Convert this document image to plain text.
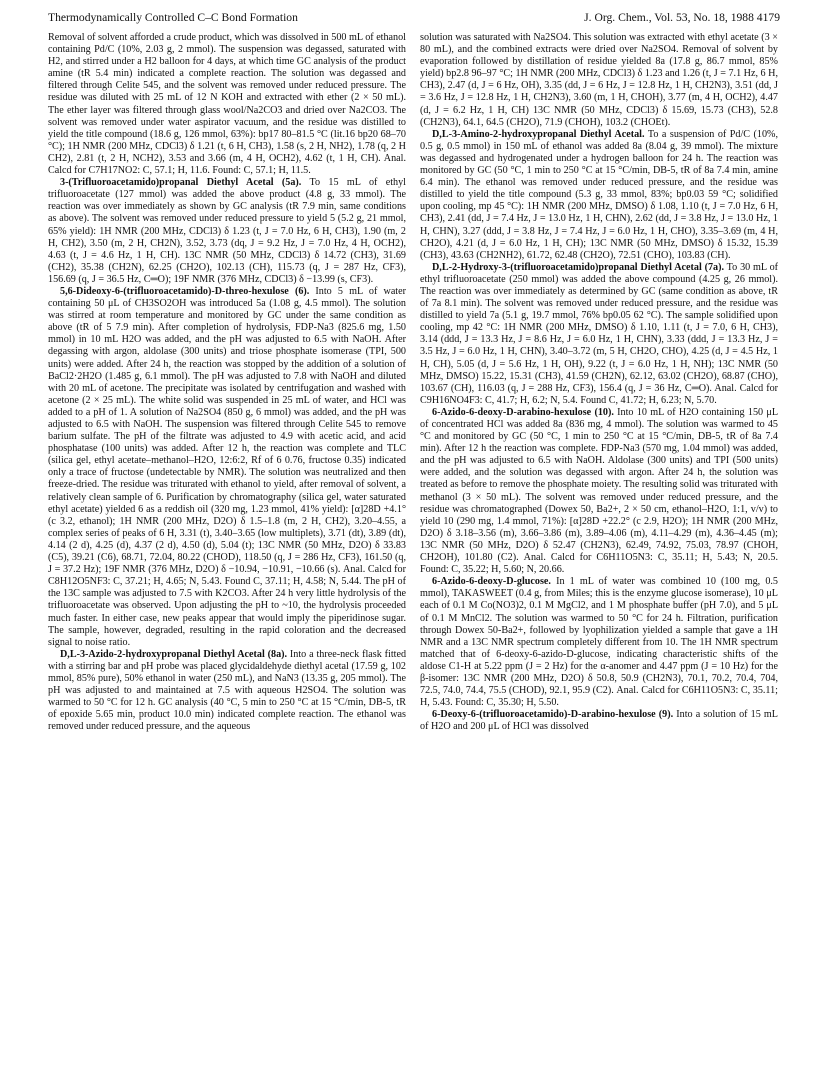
Thermodynamically Controlled C–C Bond Formation	J. Org. Chem., Vol. 53, No. 18, 1988 4179

Removal of solvent afforded a crude product, which was dissolved in 500 mL of ethanol containing Pd/C (10%, 2.03 g, 2 mmol). The suspension was degassed, saturated with H2, and stirred under a H2 balloon for 4 days, at which time GC analysis of the product amine (tR 5.4 min) indicated a complete reaction. The solution was degassed and filtered through Celite 545, and the solvent was removed under reduced pressure. The residue was diluted with 25 mL of 12 N KOH and extracted with ether (2 × 50 mL). The ether layer was filtered through glass wool/Na2CO3 and dried over Na2CO3. The solvent was removed under water aspirator vacuum, and the residue was distilled to yield the title compound (18.6 g, 126 mmol, 63%): bp17 80–81.5 °C (lit.16 bp20 68–70 °C); 1H NMR (200 MHz, CDCl3) δ 1.21 (t, 6 H, CH3), 1.58 (s, 2 H, NH2), 1.78 (q, 2 H CH2), 2.81 (t, 2 H, NCH2), 3.53 and 3.66 (m, 4 H, OCH2), 4.62 (t, 1 H, CH). Anal. Calcd for C7H17NO2: C, 57.1; H, 11.6. Found: C, 57.1; H, 11.5.

3-(Trifluoroacetamido)propanal Diethyl Acetal (5a). To 15 mL of ethyl trifluoroacetate (127 mmol) was added the above product (4.8 g, 33 mmol). The reaction was over immediately as shown by GC analysis (tR 7.9 min, same conditions as above). The solvent was removed under reduced pressure to yield 5 (5.2 g, 21 mmol, 65% yield): 1H NMR (200 MHz, CDCl3) δ 1.23 (t, J = 7.0 Hz, 6 H, CH3), 1.90 (m, 2 H, CH2), 3.50 (m, 2 H, CH2N), 3.52, 3.73 (dq, J = 9.2 Hz, J = 7.0 Hz, 4 H, OCH2), 4.63 (t, J = 4.6 Hz, 1 H, CH). 13C NMR (50 MHz, CDCl3) δ 14.72 (CH3), 31.69 (CH2), 35.38 (CH2N), 62.25 (CH2O), 102.13 (CH), 115.73 (q, J = 287 Hz, CF3), 156.69 (q, J = 36.5 Hz, C═O); 19F NMR (376 MHz, CDCl3) δ −13.99 (s, CF3).

5,6-Dideoxy-6-(trifluoroacetamido)-D-threo-hexulose (6). Into 5 mL of water containing 50 μL of CH3SO2OH was introduced 5a (1.08 g, 4.5 mmol). The solution was stirred at room temperature and monitored by GC under the same condition as above (tR of 5 7.9 min). After completion of hydrolysis, FDP-Na3 (825.6 mg, 1.50 mmol) in 10 mL H2O was added, and the pH was adjusted to 6.5 with NaOH. After degassing with argon, aldolase (300 units) and triose phosphate isomerase (TPI, 500 units) were added. After 24 h, the reaction was stopped by the addition of a solution of BaCl2·2H2O (1.485 g, 6.1 mmol). The pH was adjusted to 7.8 with NaOH and diluted with 20 mL of acetone. The precipitate was isolated by centrifugation and washed with acetone (2 × 25 mL). The white solid was suspended in 25 mL of water, and HCl was added to a pH of 1. A solution of Na2SO4 (850 g, 6 mmol) was added, and the pH was adjusted to 6.5 with NaOH. The suspension was filtered through Celite 545 to remove barium sulfate. The pH of the filtrate was adjusted to 4.9 with acetic acid, and acid phosphatase (100 units) was added. After 12 h, the reaction was complete and TLC (silica gel, ethyl acetate–methanol–H2O, 12:6:2, Rf of 6 0.76, fructose 0.35) indicated only a trace of fructose (undetectable by NMR). The solution was neutralized and then freeze-dried. The residue was triturated with ethanol to yield, after removal of solvent, a relatively clean sample of 6. Purification by chromatography (silica gel, water saturated ethyl acetate) yielded 6 as a reddish oil (320 mg, 1.23 mmol, 41% yield): [α]28D +4.1° (c 3.2, ethanol); 1H NMR (200 MHz, D2O) δ 1.5–1.8 (m, 2 H, CH2), 3.20–4.55, a complex series of peaks of 6 H, 3.31 (t), 3.40–3.65 (low multiplets), 3.71 (dt), 3.89 (dt), 4.14 (2 d), 4.25 (d), 4.37 (2 d), 4.50 (d), 5.04 (t); 13C NMR (50 MHz, D2O) δ 33.83 (C5), 39.21 (C6), 68.71, 72.04, 80.22 (CHOD), 118.50 (q, J = 286 Hz, CF3), 161.50 (q, J = 37.2 Hz); 19F NMR (376 MHz, D2O) δ −10.94, −10.91, −10.66 (s). Anal. Calcd for C8H12O5NF3: C, 37.21; H, 4.65; N, 5.43. Found C, 37.11; H, 4.58; N, 5.44. The pH of the 13C sample was adjusted to 7.5 with K2CO3. After 24 h very little hydrolysis of the trifluoroacetate was observed. Upon adjusting the pH to ~10, the hydrolysis proceeded much faster. In either case, new peaks appear that would imply the piperidinose sugar. The sample, however, degraded, resulting in the rapid coloration and the decreased signal to noise ratio.

D,L-3-Azido-2-hydroxypropanal Diethyl Acetal (8a). Into a three-neck flask fitted with a stirring bar and pH probe was placed glycidaldehyde diethyl acetal (17.59 g, 102 mmol, 85% pure), 50% ethanol in water (250 mL), and NaN3 (13.35 g, 205 mmol). The pH was adjusted to and maintained at 7.5 with aqueous H2SO4. The solution was warmed to 50 °C for 12 h. GC analysis (40 °C, 5 min to 250 °C at 15 °C/min, DB-5, tR of epoxide 5.65 min, product 10.0 min) indicated complete reaction. The ethanol was removed under reduced pressure, and the aqueous

solution was saturated with Na2SO4. This solution was extracted with ethyl acetate (3 × 80 mL), and the combined extracts were dried over Na2SO4. Removal of solvent by evaporation followed by distillation of residue yielded 8a (17.8 g, 86.7 mmol, 85% yield) bp2.8 96–97 °C; 1H NMR (200 MHz, CDCl3) δ 1.23 and 1.26 (t, J = 7.1 Hz, 6 H, CH3), 2.47 (d, J = 6 Hz, OH), 3.35 (dd, J = 6 Hz, J = 12.8 Hz, 1 H, CH2N3), 3.51 (dd, J = 3.6 Hz, J = 12.8 Hz, 1 H, CH2N3), 3.60 (m, 1 H, CHOH), 3.77 (m, 4 H, OCH2), 4.47 (d, J = 6.2 Hz, 1 H, CH) 13C NMR (50 MHz, CDCl3) δ 15.69, 15.73 (CH3), 52.8 (CH2N3), 64.1, 64.5 (CH2O), 71.9 (CHOH), 103.2 (CHOEt).

D,L-3-Amino-2-hydroxypropanal Diethyl Acetal. To a suspension of Pd/C (10%, 0.5 g, 0.5 mmol) in 150 mL of ethanol was added 8a (8.04 g, 39 mmol). The mixture was degassed and hydrogenated under a hydrogen balloon for 24 h. The reaction was monitored by GC (50 °C, 1 min to 250 °C at 15 °C/min, DB-5, tR of 8a 7.4 min, amine 6.4 min). The ethanol was removed under reduced pressure, and the residue was distilled to yield the title compound (5.3 g, 33 mmol, 83%; bp0.03 59 °C; solidified upon cooling, mp 45 °C): 1H NMR (200 MHz, DMSO) δ 1.08, 1.10 (t, J = 7.0 Hz, 6 H, CH3), 2.41 (dd, J = 7.4 Hz, J = 13.0 Hz, 1 H, CHN), 2.62 (dd, J = 3.8 Hz, J = 13.0 Hz, 1 H, CHN), 3.27 (ddd, J = 3.8 Hz, J = 7.4 Hz, J = 6.0 Hz, 1 H, CHO), 3.35–3.69 (m, 4 H, CH2O), 4.21 (d, J = 6.0 Hz, 1 H, CH); 13C NMR (50 MHz, DMSO) δ 15.32, 15.39 (CH3), 43.63 (CH2NH2), 61.72, 62.48 (CH2O), 72.51 (CHO), 103.83 (CH).

D,L-2-Hydroxy-3-(trifluoroacetamido)propanal Diethyl Acetal (7a). To 30 mL of ethyl trifluoroacetate (250 mmol) was added the above compound (4.25 g, 26 mmol). The reaction was over immediately as determined by GC (same condition as above, tR of 7a 8.1 min). The solvent was removed under reduced pressure, and the residue was distilled to yield 7a (5.1 g, 19.7 mmol, 76% bp0.05 62 °C). The sample solidified upon cooling, mp 42 °C: 1H NMR (200 MHz, DMSO) δ 1.10, 1.11 (t, J = 7.0, 6 H, CH3), 3.14 (ddd, J = 13.3 Hz, J = 8.6 Hz, J = 6.0 Hz, 1 H, CHN), 3.33 (ddd, J = 13.3 Hz, J = 3.5 Hz, J = 6.0 Hz, 1 H, CHN), 3.40–3.72 (m, 5 H, CH2O, CHO), 4.25 (d, J = 4.5 Hz, 1 H, CH), 5.05 (d, J = 5.6 Hz, 1 H, OH), 9.22 (t, J = 6.0 Hz, 1 H, NH); 13C NMR (50 MHz, DMSO) 15.22, 15.31 (CH3), 41.59 (CH2N), 62.12, 63.02 (CH2O), 68.87 (CHO), 103.67 (CH), 116.03 (q, J = 288 Hz, CF3), 156.4 (q, J = 36 Hz, C═O). Anal. Calcd for C9H16NO4F3: C, 41.7; H, 6.2; N, 5.4. Found C, 41.72; H, 6.23; N, 5.70.

6-Azido-6-deoxy-D-arabino-hexulose (10). Into 10 mL of H2O containing 150 μL of concentrated HCl was added 8a (836 mg, 4 mmol). The solution was warmed to 45 °C and monitored by GC (50 °C, 1 min to 250 °C at 15 °C/min, DB-5, tR of 8a 7.4 min). After 12 h the reaction was complete. FDP-Na3 (570 mg, 1.04 mmol) was added, and the pH was adjusted to 6.5 with NaOH. Aldolase (300 units) and TPI (500 units) were added, and the solution was degassed with argon. After 24 h, the solution was treated as before to remove the phosphate moiety. The resulting solid was triturated with methanol (3 × 50 mL). The solvent was removed under reduced pressure, and the residue was chromatographed (Dowex 50, Ba2+, 2 × 50 cm, ethanol–H2O, 1:1, v/v) to yield 10 (290 mg, 1.4 mmol, 71%): [α]28D +22.2° (c 2.9, H2O); 1H NMR (200 MHz, D2O) δ 3.18–3.56 (m), 3.66–3.86 (m), 3.89–4.06 (m), 4.11–4.29 (m), 4.36–4.45 (m); 13C NMR (50 MHz, D2O) δ 52.47 (CH2N3), 62.49, 74.92, 75.03, 78.97 (CHOH, CH2OH), 101.80 (C2). Anal. Calcd for C6H11O5N3: C, 35.11; H, 5.43; N, 20.5. Found: C, 35.22; H, 5.60; N, 20.66.

6-Azido-6-deoxy-D-glucose. In 1 mL of water was combined 10 (100 mg, 0.5 mmol), TAKASWEET (0.4 g, from Miles; this is the enzyme glucose isomerase), 10 μL each of 0.1 M Co(NO3)2, 0.1 M MgCl2, and 1 M phosphate buffer (pH 7.0), and 5 μL of 0.1 M MnCl2. The solution was warmed to 50 °C for 24 h. Filtration, purification through Dowex 50-Ba2+, followed by lyophilization yielded a sample that gave a 1H NMR and a 13C NMR spectrum completely different from 10. The 1H NMR spectrum matched that of 6-deoxy-6-azido-D-glucose, indicating characteristic shifts of the aldose C1-H at 5.22 ppm (J = 2 Hz) for the α-anomer and 4.47 ppm (J = 10 Hz) for the β-isomer: 13C NMR (200 MHz, D2O) δ 50.8, 50.9 (CH2N3), 70.1, 70.2, 70.4, 704, 72.5, 74.0, 74.4, 75.5 (CHOD), 92.1, 95.9 (C2). Anal. Calcd for C6H11O5N3: C, 35.11; H, 5.43. Found: C, 35.30; H, 5.50.

6-Deoxy-6-(trifluoroacetamido)-D-arabino-hexulose (9). Into a solution of 15 mL of H2O and 200 μL of HCl was dissolved
